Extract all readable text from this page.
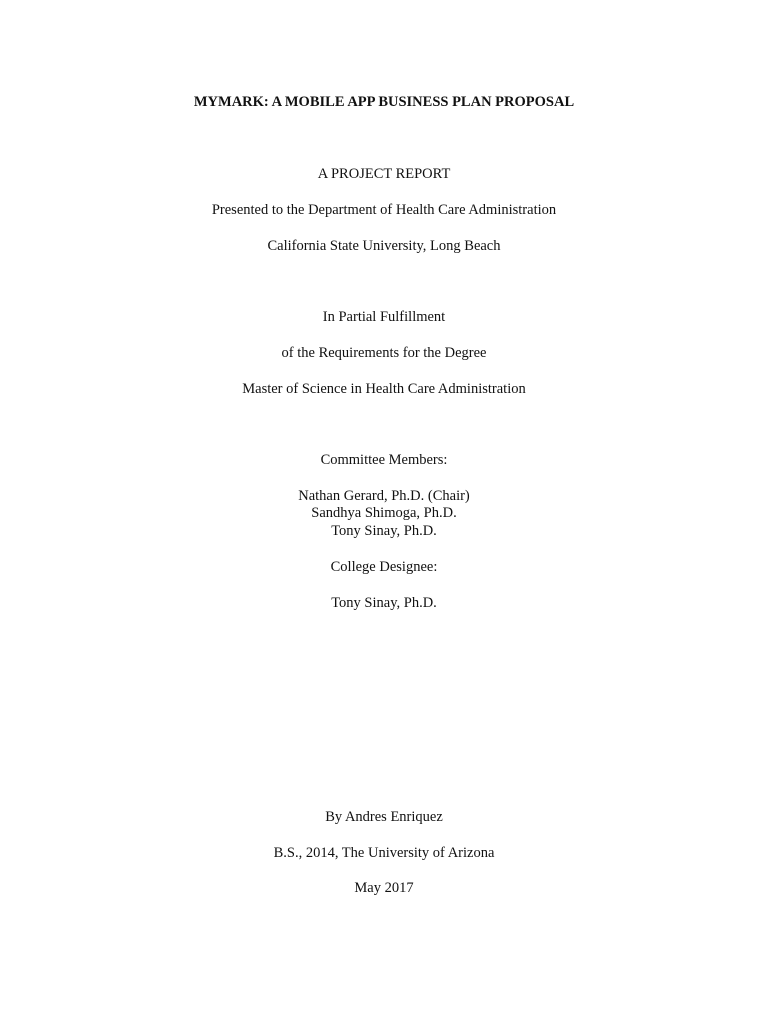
MYMARK: A MOBILE APP BUSINESS PLAN PROPOSAL
A PROJECT REPORT
Presented to the Department of Health Care Administration
California State University, Long Beach
In Partial Fulfillment
of the Requirements for the Degree
Master of Science in Health Care Administration
Committee Members:
Nathan Gerard, Ph.D. (Chair)
Sandhya Shimoga, Ph.D.
Tony Sinay, Ph.D.
College Designee:
Tony Sinay, Ph.D.
By Andres Enriquez
B.S., 2014, The University of Arizona
May 2017
